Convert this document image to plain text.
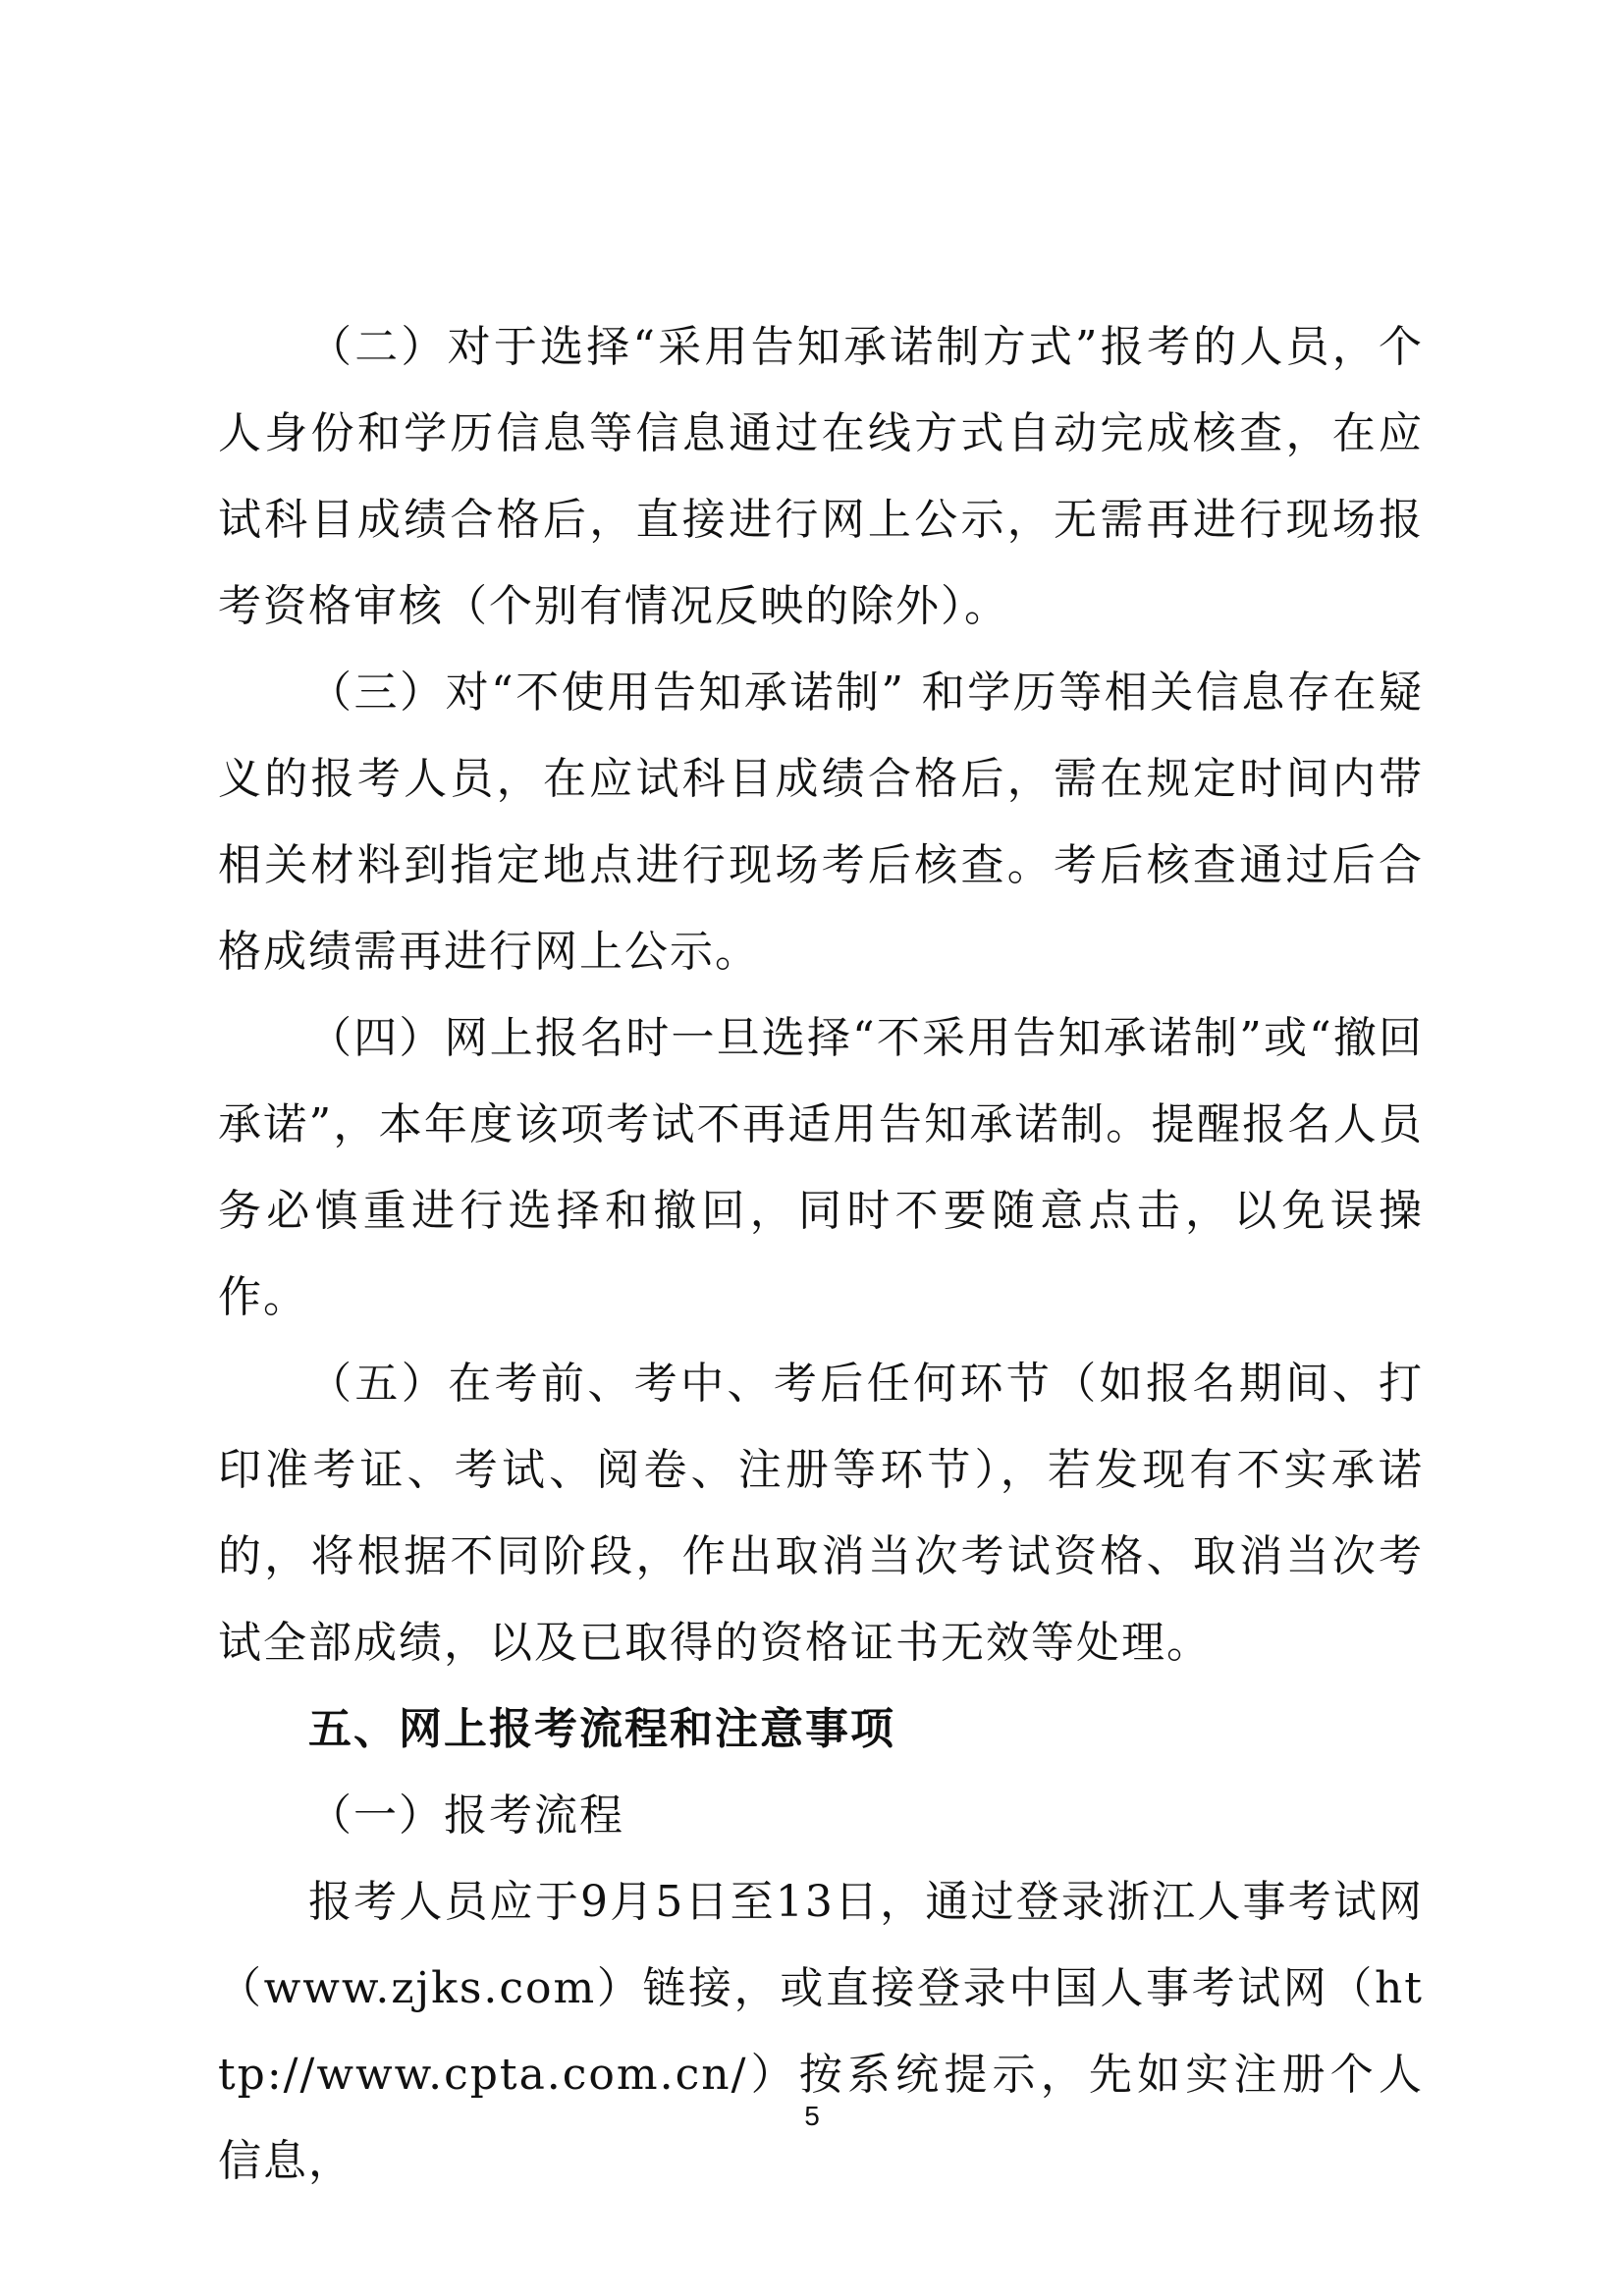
（二）对于选择“采用告知承诺制方式”报考的人员，个人身份和学历信息等信息通过在线方式自动完成核查，在应试科目成绩合格后，直接进行网上公示，无需再进行现场报考资格审核（个别有情况反映的除外）。

（三）对“不使用告知承诺制” 和学历等相关信息存在疑义的报考人员，在应试科目成绩合格后，需在规定时间内带相关材料到指定地点进行现场考后核查。考后核查通过后合格成绩需再进行网上公示。

（四）网上报名时一旦选择“不采用告知承诺制”或“撤回承诺”，本年度该项考试不再适用告知承诺制。提醒报名人员务必慎重进行选择和撤回，同时不要随意点击，以免误操作。

（五）在考前、考中、考后任何环节（如报名期间、打印准考证、考试、阅卷、注册等环节），若发现有不实承诺的，将根据不同阶段，作出取消当次考试资格、取消当次考试全部成绩，以及已取得的资格证书无效等处理。

五、网上报考流程和注意事项

（一）报考流程

报考人员应于9月5日至13日，通过登录浙江人事考试网（www.zjks.com）链接，或直接登录中国人事考试网（http://www.cpta.com.cn/）按系统提示，先如实注册个人信息，

5
